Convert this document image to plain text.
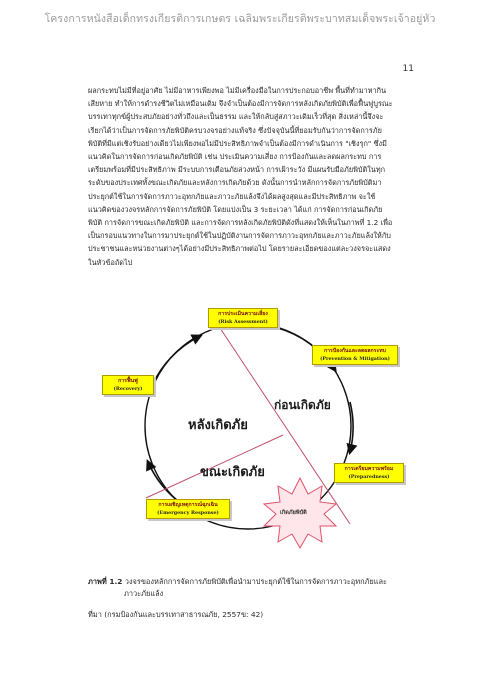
โครงการหนังสือเด็กทรงเกียรติการเกษตร เฉลิมพระเกียรติพระบาทสมเด็จพระเจ้าอยู่หัว
11
ผลกระทบไม่มีที่อยู่อาศัย ไม่มีอาหารเพียงพอ ไม่มีเครื่องมือในการประกอบอาชีพ พื้นที่ทำมาหากิน
เสียหาย ทำให้การดำรงชีวิตไม่เหมือนเดิม จึงจำเป็นต้องมีการจัดการหลังเกิดภัยพิบัติเพื่อฟื้นฟูบูรณะ
บรรเทาทุกข์ผู้ประสบภัยอย่างทั่วถึงและเป็นธรรม และให้กลับสู่สภาวะเดิมเร็วที่สุด สิ่งเหล่านี้จึงจะ
เรียกได้ว่าเป็นการจัดการภัยพิบัติครบวงจรอย่างแท้จริง ซึ่งปัจจุบันนี้ที่ยอมรับกันว่าการจัดการภัย
พิบัติที่มีแต่เชิงรับอย่างเดียวไม่เพียงพอไม่มีประสิทธิภาพจำเป็นต้องมีการดำเนินการ "เชิงรุก" ซึ่งมี
แนวคิดในการจัดการก่อนเกิดภัยพิบัติ เช่น ประเมินความเสี่ยง การป้องกันและลดผลกระทบ การ
เตรียมพร้อมที่มีประสิทธิภาพ มีระบบการเตือนภัยล่วงหน้า การเฝ้าระวัง มีแผนรับมือภัยพิบัติในทุก
ระดับของประเทศทั้งขณะเกิดภัยและหลังการเกิดภัยด้วย ดังนั้นการนำหลักการจัดการภัยพิบัติมา
ประยุกต์ใช้ในการจัดการภาวะอุทกภัยและภาวะภัยแล้งจึงได้ผลสูงสุดและมีประสิทธิภาพ จะใช้
แนวคิดของวงจรหลักการจัดการภัยพิบัติ โดยแบ่งเป็น 3 ระยะเวลา ได้แก่ การจัดการก่อนเกิดภัย
พิบัติ การจัดการขณะเกิดภัยพิบัติ และการจัดการหลังเกิดภัยพิบัติดังที่แสดงให้เห็นในภาพที่ 1.2 เพื่อ
เป็นกรอบแนวทางในการมาประยุกต์ใช้ในปฏิบัติงานการจัดการภาวะอุทกภัยและภาวะภัยแล้งให้กับ
ประชาชนและหน่วยงานต่างๆได้อย่างมีประสิทธิภาพต่อไป โดยรายละเอียดของแต่ละวงจรจะแสดง
ในหัวข้อถัดไป
การประเมินความเสี่ยง
(Risk Assessment)
การป้องกันและลดผลกระทบ
(Prevention & Mitigation)
การเตรียมความพร้อม
(Preparedness)
การเผชิญเหตุการณ์ฉุกเฉิน
(Emergency Response)
การฟื้นฟู
(Recovery)
หลังเกิดภัย
ก่อนเกิดภัย
ขณะเกิดภัย
เกิดภัยพิบัติ
ภาพที่ 1.2 วงจรของหลักการจัดการภัยพิบัติเพื่อนำมาประยุกต์ใช้ในการจัดการภาวะอุทกภัยและ
ภาวะภัยแล้ง
ที่มา (กรมป้องกันและบรรเทาสาธารณภัย, 2557ข: 42)
